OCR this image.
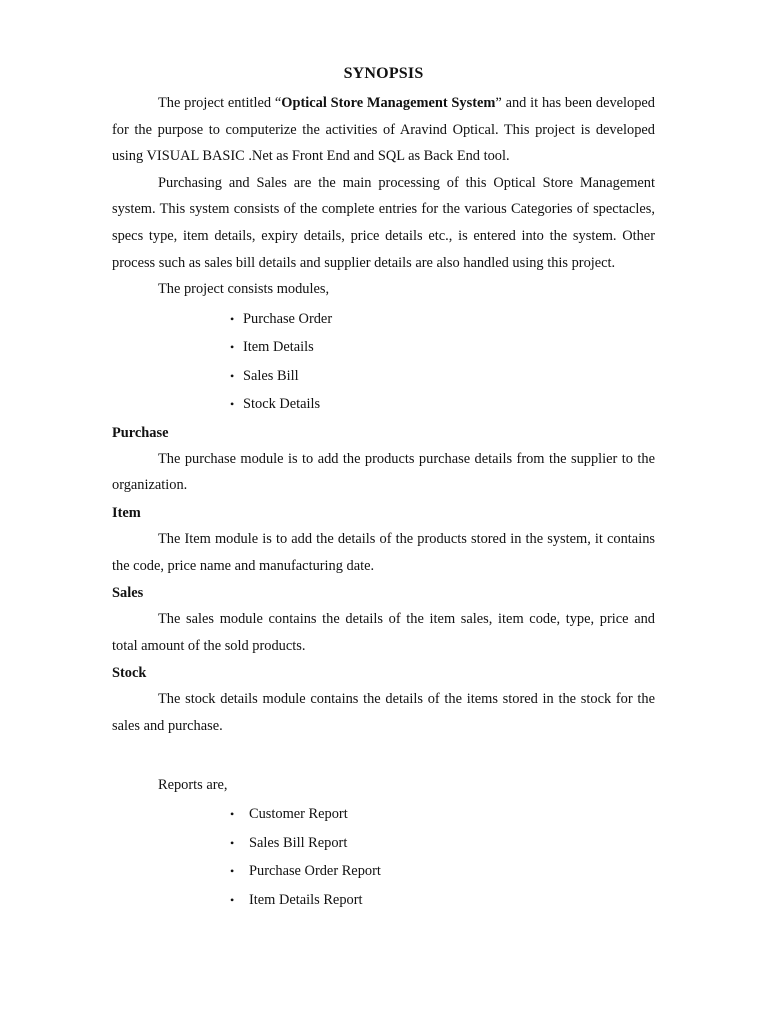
SYNOPSIS

The project entitled “Optical Store Management System” and it has been developed for the purpose to computerize the activities of Aravind Optical. This project is developed using VISUAL BASIC .Net as Front End and SQL as Back End tool.

Purchasing and Sales are the main processing of this Optical Store Management system. This system consists of the complete entries for the various Categories of spectacles, specs type, item details, expiry details, price details etc., is entered into the system. Other process such as sales bill details and supplier details are also handled using this project.

The project consists modules,

• Purchase Order
• Item Details
• Sales Bill
• Stock Details
Purchase

The purchase module is to add the products purchase details from the supplier to the organization.

Item

The Item module is to add the details of the products stored in the system, it contains the code, price name and manufacturing date.

Sales

The sales module contains the details of the item sales, item code, type, price and total amount of the sold products.

Stock

The stock details module contains the details of the items stored in the stock for the sales and purchase.

Reports are,

• Customer Report
• Sales Bill Report
• Purchase Order Report
• Item Details Report
